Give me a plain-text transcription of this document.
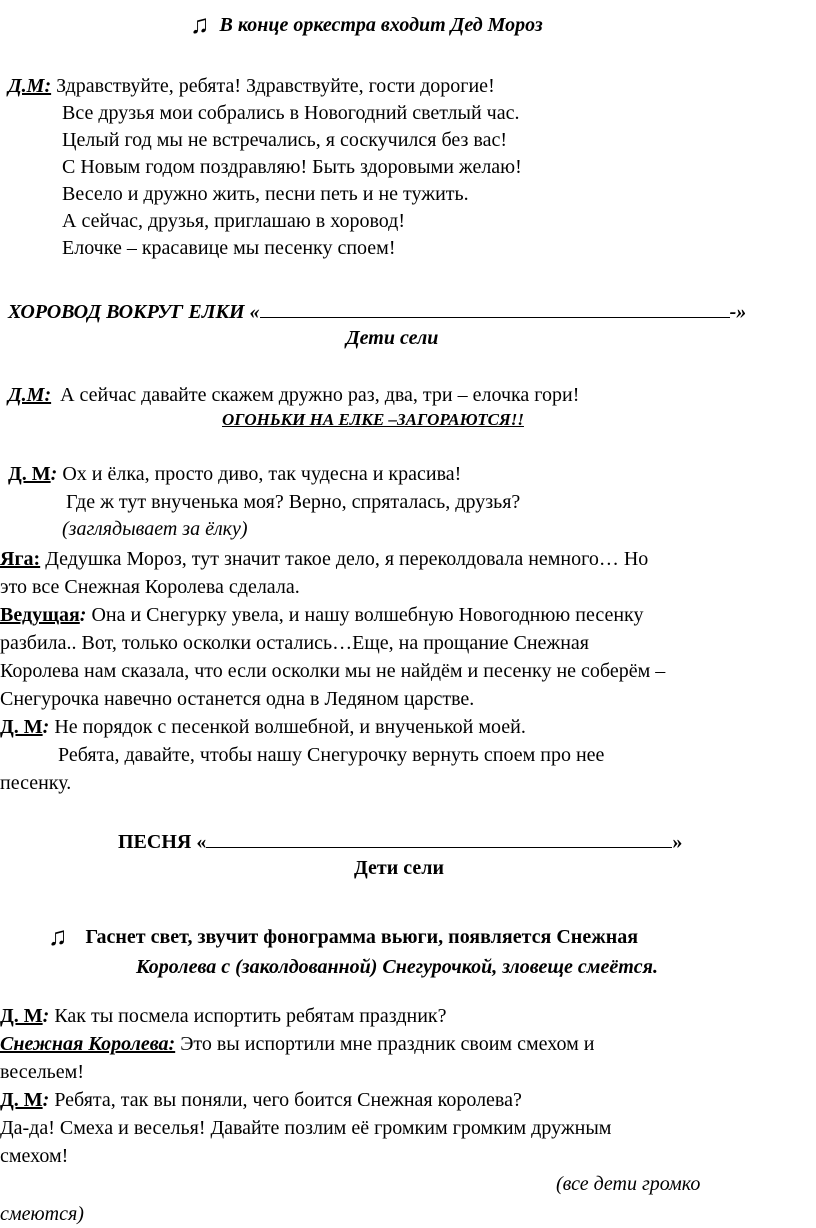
♫ В конце оркестра входит Дед Мороз
Д.М: Здравствуйте, ребята! Здравствуйте, гости дорогие!
Все друзья мои собрались в Новогодний светлый час.
Целый год мы не встречались, я соскучился без вас!
С Новым годом поздравляю! Быть здоровыми желаю!
Весело и дружно жить, песни петь и не тужить.
А сейчас, друзья, приглашаю в хоровод!
Елочке – красавице мы песенку споем!
ХОРОВОД ВОКРУГ ЕЛКИ «	-»
Дети сели
Д.М: А сейчас давайте скажем дружно раз, два, три – елочка гори!
ОГОНЬКИ НА ЕЛКЕ –ЗАГОРАЮТСЯ!!
Д. М: Ох и ёлка, просто диво, так чудесна и красива!
Где ж тут внученька моя? Верно, спряталась, друзья?
(заглядывает за ёлку)
Яга: Дедушка Мороз, тут значит такое дело, я переколдовала немного… Но
это все Снежная Королева сделала.
Ведущая: Она и Снегурку увела, и нашу волшебную Новогоднюю песенку
разбила.. Вот, только осколки остались…Еще, на прощание Снежная
Королева нам сказала, что если осколки мы не найдём и песенку не соберём –
Снегурочка навечно останется одна в Ледяном царстве.
Д. М: Не порядок с песенкой волшебной, и внученькой моей.
Ребята, давайте, чтобы нашу Снегурочку вернуть споем про нее
песенку.
ПЕСНЯ «	»
Дети сели
♫ Гаснет свет, звучит фонограмма вьюги, появляется Снежная
Королева с (заколдованной) Снегурочкой, зловеще смеётся.
Д. М: Как ты посмела испортить ребятам праздник?
Снежная Королева: Это вы испортили мне праздник своим смехом и
весельем!
Д. М: Ребята, так вы поняли, чего боится Снежная королева?
Да-да! Смеха и веселья! Давайте позлим её громким громким дружным
смехом!
(все дети громко
смеются)
